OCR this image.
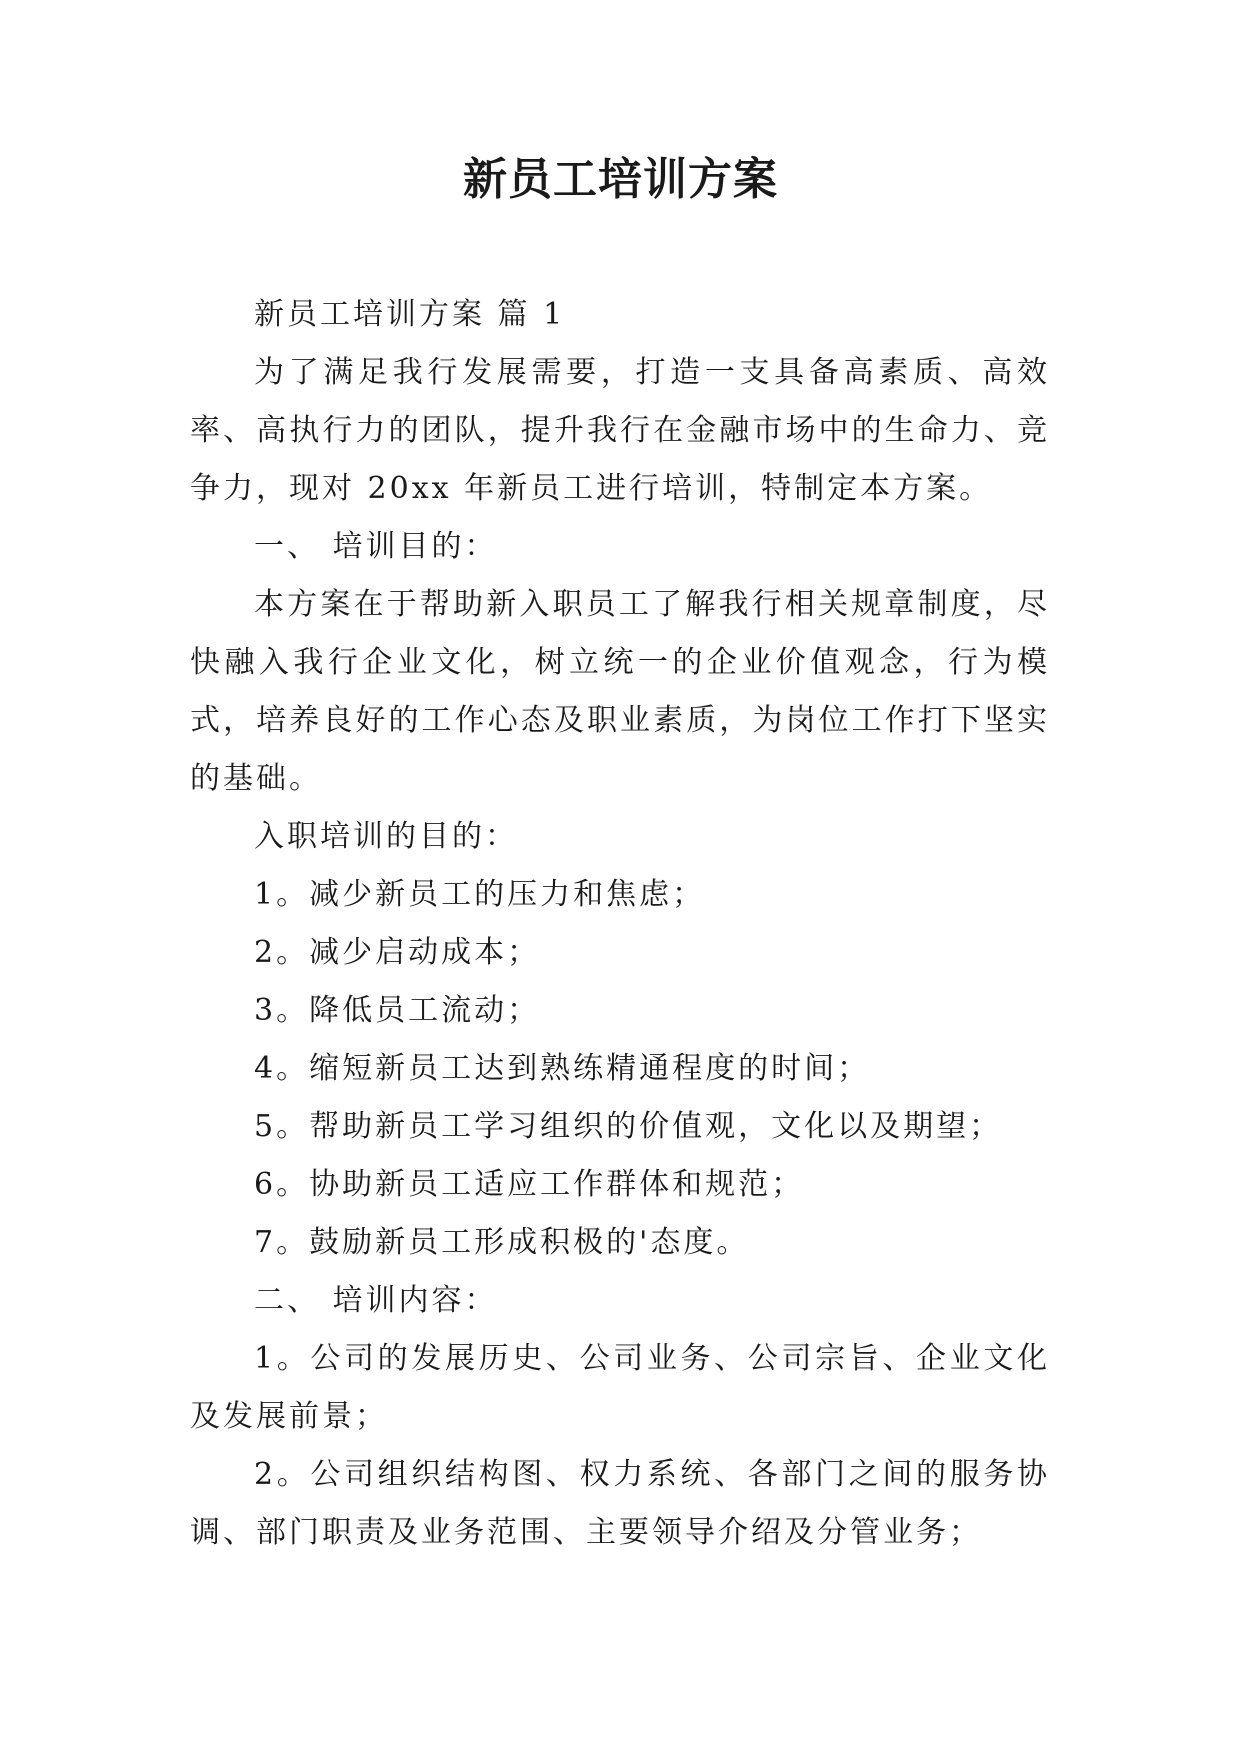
新员工培训方案

新员工培训方案 篇 1

为了满足我行发展需要，打造一支具备高素质、高效率、高执行力的团队，提升我行在金融市场中的生命力、竞争力，现对 20xx 年新员工进行培训，特制定本方案。

一、 培训目的：

本方案在于帮助新入职员工了解我行相关规章制度，尽快融入我行企业文化，树立统一的企业价值观念，行为模式，培养良好的工作心态及职业素质，为岗位工作打下坚实的基础。

入职培训的目的：

1。减少新员工的压力和焦虑；

2。减少启动成本；

3。降低员工流动；

4。缩短新员工达到熟练精通程度的时间；

5。帮助新员工学习组织的价值观，文化以及期望；

6。协助新员工适应工作群体和规范；

7。鼓励新员工形成积极的'态度。

二、 培训内容：

1。公司的发展历史、公司业务、公司宗旨、企业文化及发展前景；

2。公司组织结构图、权力系统、各部门之间的服务协调、部门职责及业务范围、主要领导介绍及分管业务；
